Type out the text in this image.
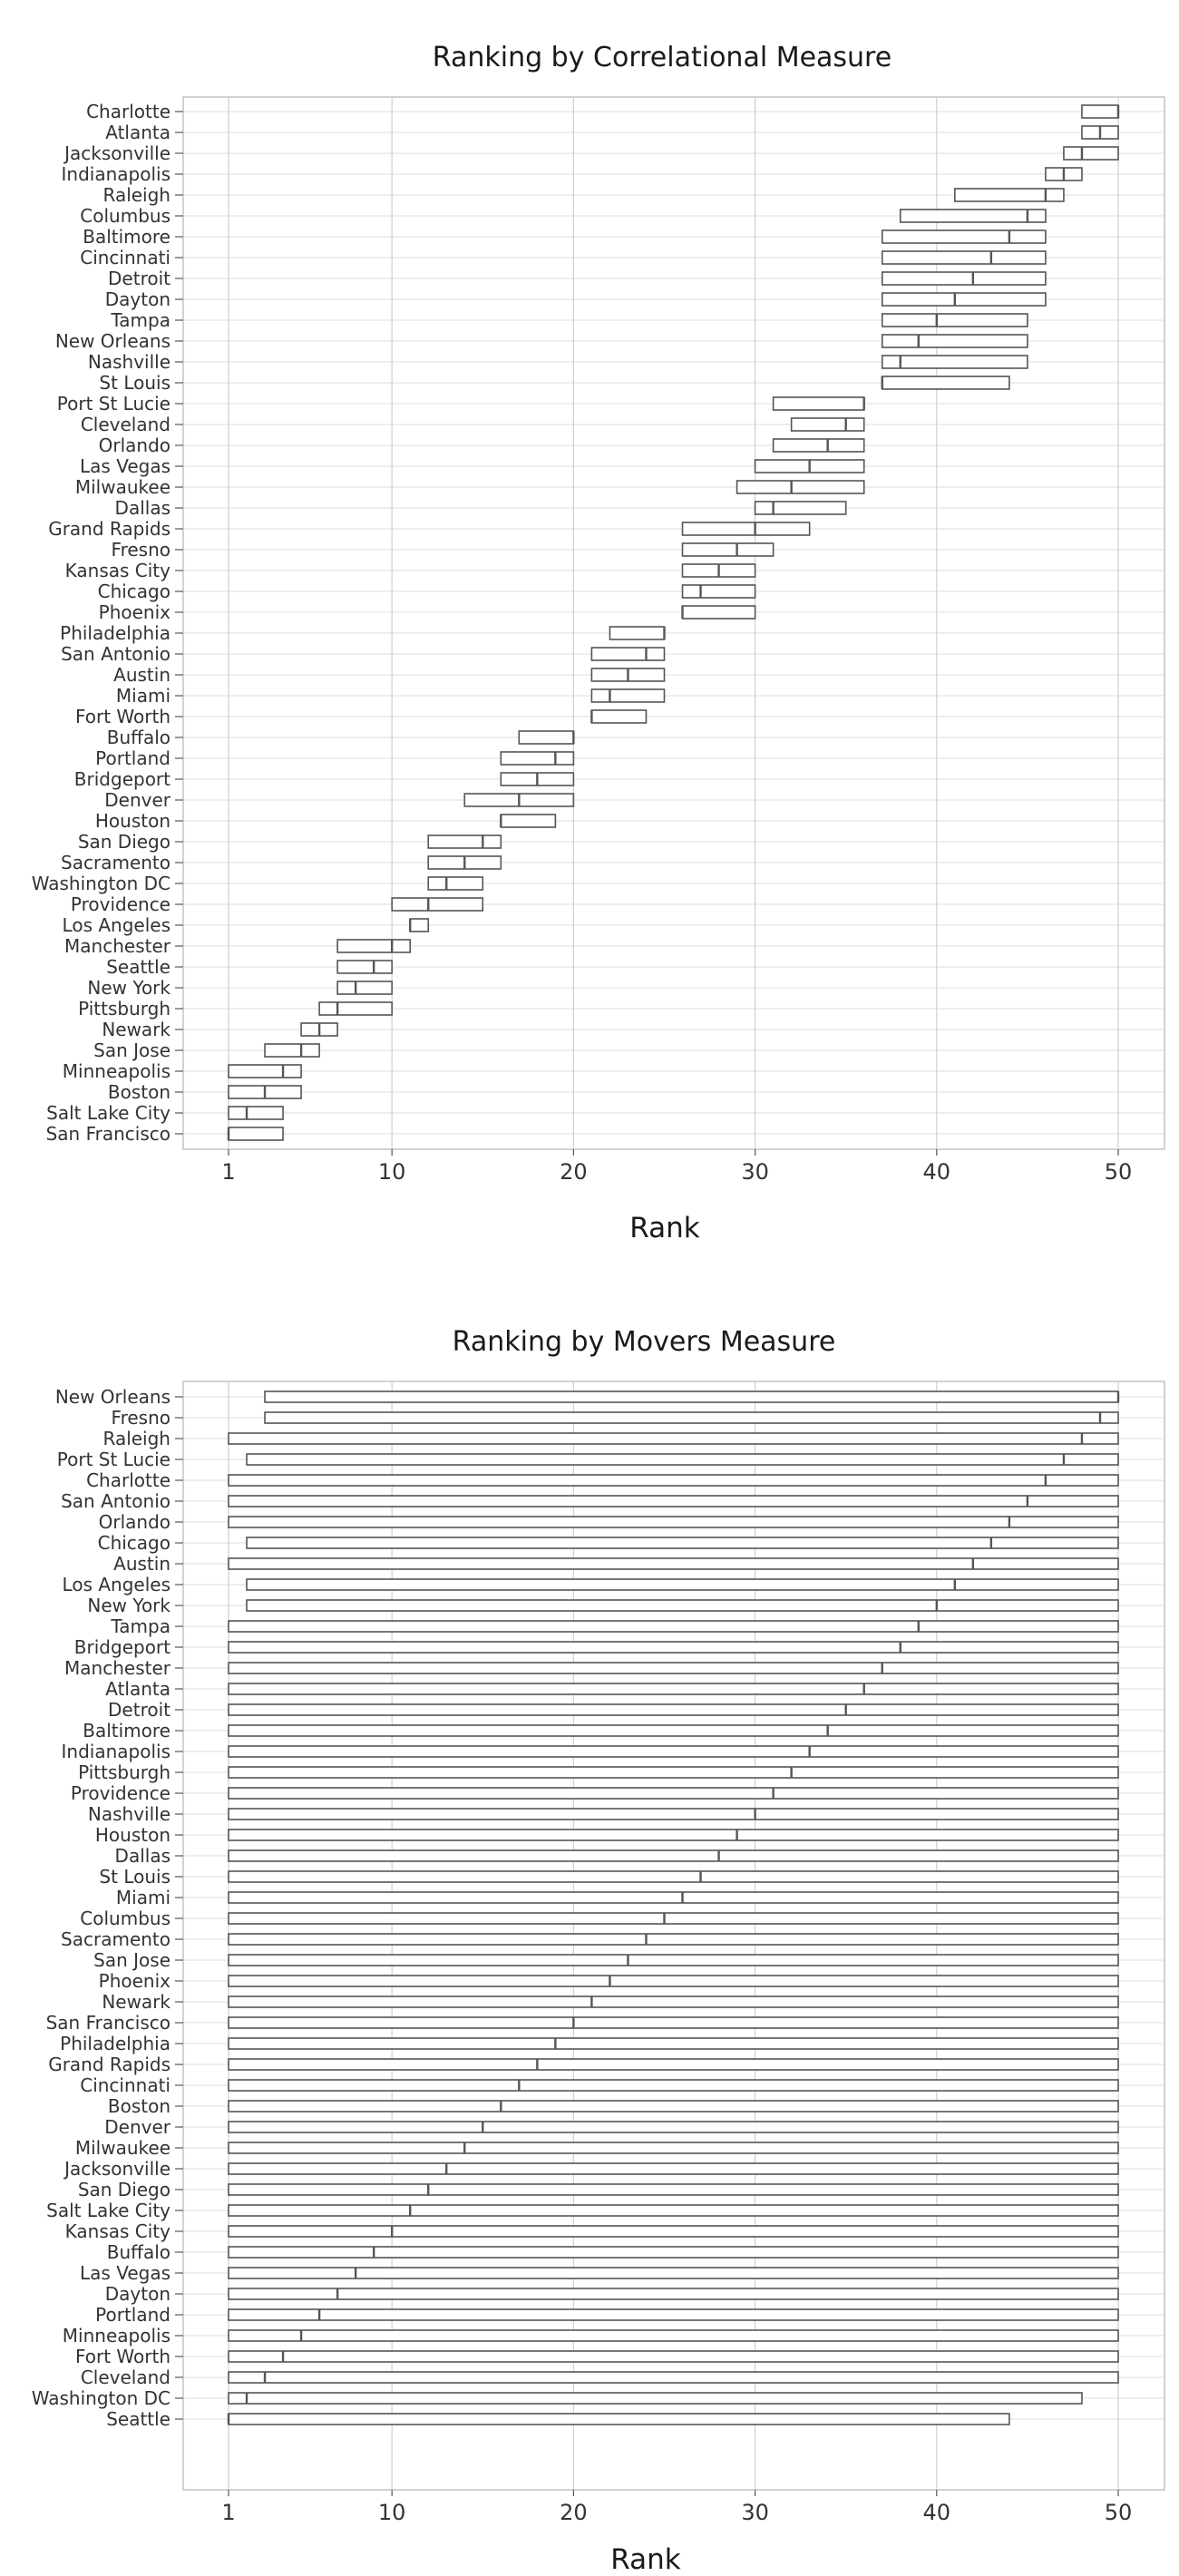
Ranking by Correlational Measure
Charlotte
Atlanta
Jacksonville
Indianapolis
Raleigh
Columbus
Baltimore
Cincinnati
Detroit
Dayton
Tampa
New Orleans
Nashville
St Louis
Port St Lucie
Cleveland
Orlando
Las Vegas
Milwaukee
Dallas
Grand Rapids
Fresno
Kansas City
Chicago
Phoenix
Philadelphia
San Antonio
Austin
Miami
Fort Worth
Buffalo
Portland
Bridgeport
Denver
Houston
San Diego
Sacramento
Washington DC
Providence
Los Angeles
Manchester
Seattle
New York
Pittsburgh
Newark
San Jose
Minneapolis
Boston
Salt Lake City
San Francisco
1	10	20	30	40	50
Rank
Ranking by Movers Measure
New Orleans
Fresno
Raleigh
Port St Lucie
Charlotte
San Antonio
Orlando
Chicago
Austin
Los Angeles
New York
Tampa
Bridgeport
Manchester
Atlanta
Detroit
Baltimore
Indianapolis
Pittsburgh
Providence
Nashville
Houston
Dallas
St Louis
Miami
Columbus
Sacramento
San Jose
Phoenix
Newark
San Francisco
Philadelphia
Grand Rapids
Cincinnati
Boston
Denver
Milwaukee
Jacksonville
San Diego
Salt Lake City
Kansas City
Buffalo
Las Vegas
Dayton
Portland
Minneapolis
Fort Worth
Cleveland
Washington DC
Seattle
1	10	20	30	40	50
Rank
